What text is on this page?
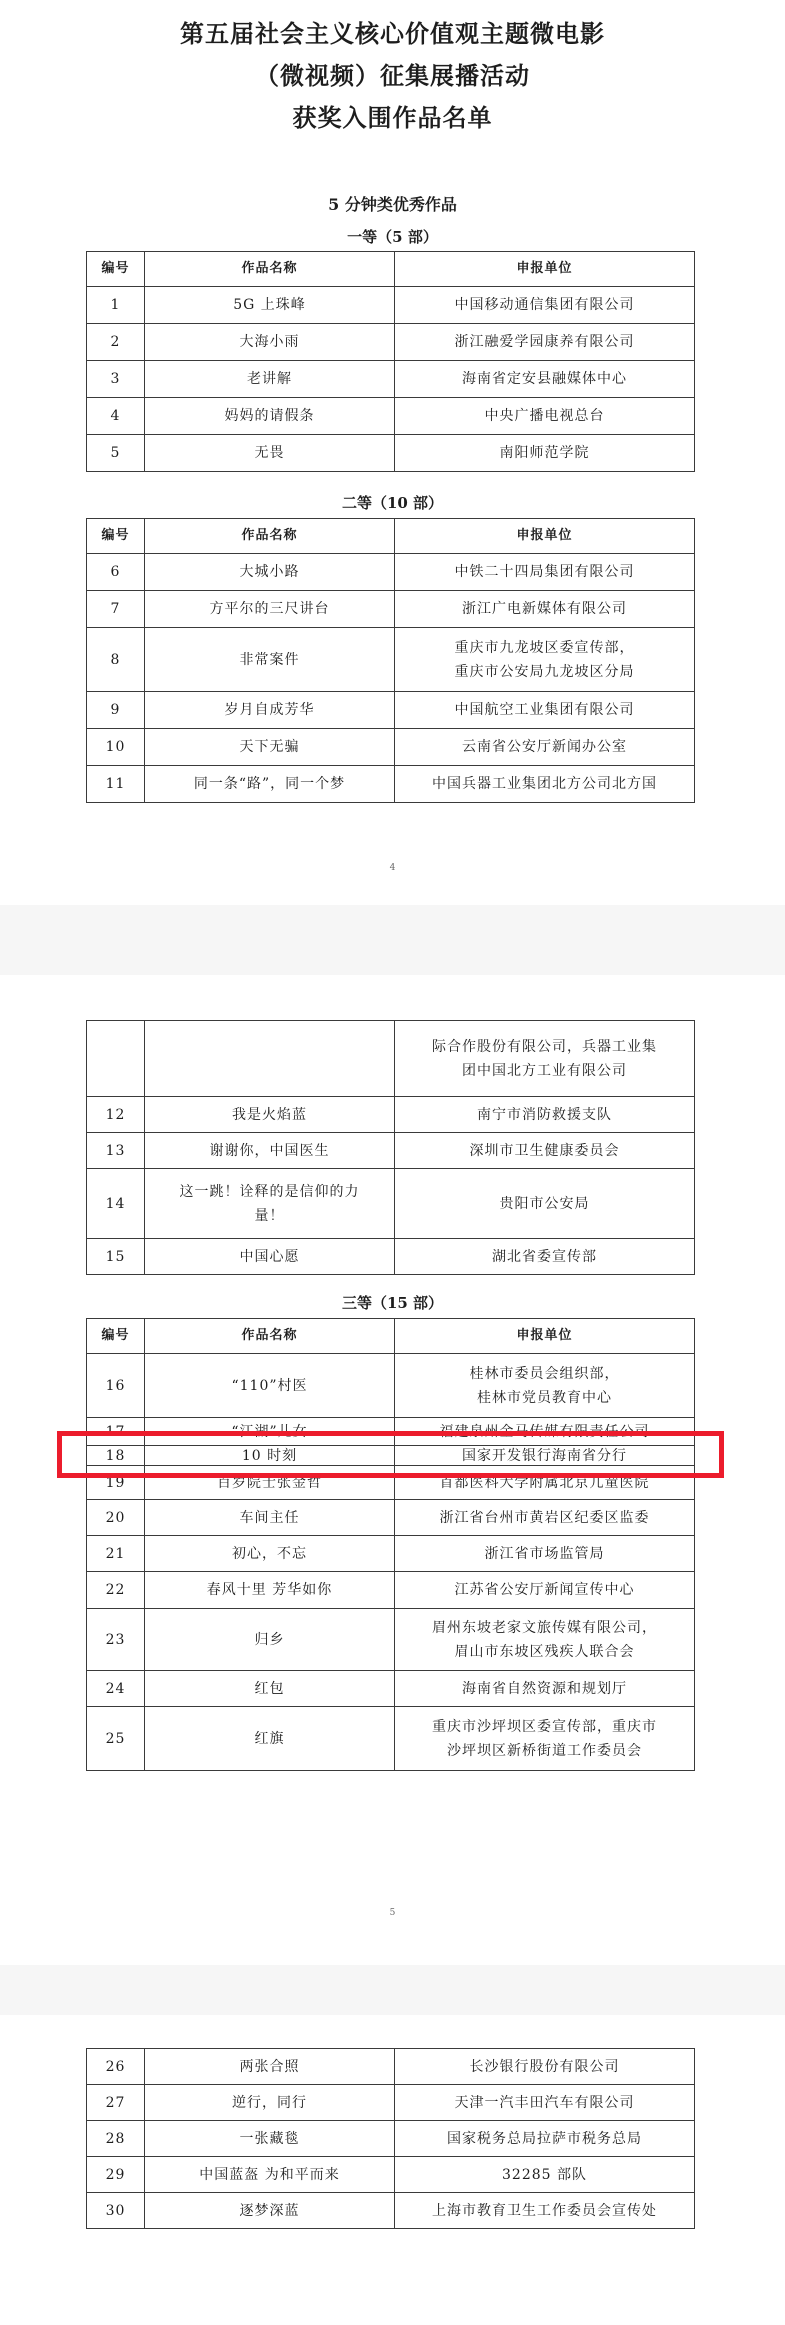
第五届社会主义核心价值观主题微电影
（微视频）征集展播活动
获奖入围作品名单
5 分钟类优秀作品
一等（5 部）
编号	作品名称	申报单位
1	5G 上珠峰	中国移动通信集团有限公司
2	大海小雨	浙江融爱学园康养有限公司
3	老讲解	海南省定安县融媒体中心
4	妈妈的请假条	中央广播电视总台
5	无畏	南阳师范学院
二等（10 部）
编号	作品名称	申报单位
6	大城小路	中铁二十四局集团有限公司
7	方平尔的三尺讲台	浙江广电新媒体有限公司
8	非常案件	重庆市九龙坡区委宣传部，
重庆市公安局九龙坡区分局

9	岁月自成芳华	中国航空工业集团有限公司
10	天下无骗	云南省公安厅新闻办公室
11	同一条“路”，同一个梦	中国兵器工业集团北方公司北方国
4

		际合作股份有限公司，兵器工业集
团中国北方工业有限公司

12	我是火焰蓝	南宁市消防救援支队
13	谢谢你，中国医生	深圳市卫生健康委员会
14	这一跳！诠释的是信仰的力
量！	贵阳市公安局
15	中国心愿	湖北省委宣传部
三等（15 部）
编号	作品名称	申报单位
16	“110”村医	桂林市委员会组织部，
桂林市党员教育中心

17	“江湖”儿女	福建泉州金马传媒有限责任公司
18	10 时刻	国家开发银行海南省分行
19	百岁院士张金哲	首都医科大学附属北京儿童医院
20	车间主任	浙江省台州市黄岩区纪委区监委
21	初心，不忘	浙江省市场监管局
22	春风十里 芳华如你	江苏省公安厅新闻宣传中心
23	归乡	眉州东坡老家文旅传媒有限公司，
眉山市东坡区残疾人联合会

24	红包	海南省自然资源和规划厅
25	红旗	重庆市沙坪坝区委宣传部，重庆市
沙坪坝区新桥街道工作委员会
5
26	两张合照	长沙银行股份有限公司
27	逆行，同行	天津一汽丰田汽车有限公司
28	一张藏毯	国家税务总局拉萨市税务总局
29	中国蓝盔 为和平而来	32285 部队
30	逐梦深蓝	上海市教育卫生工作委员会宣传处
